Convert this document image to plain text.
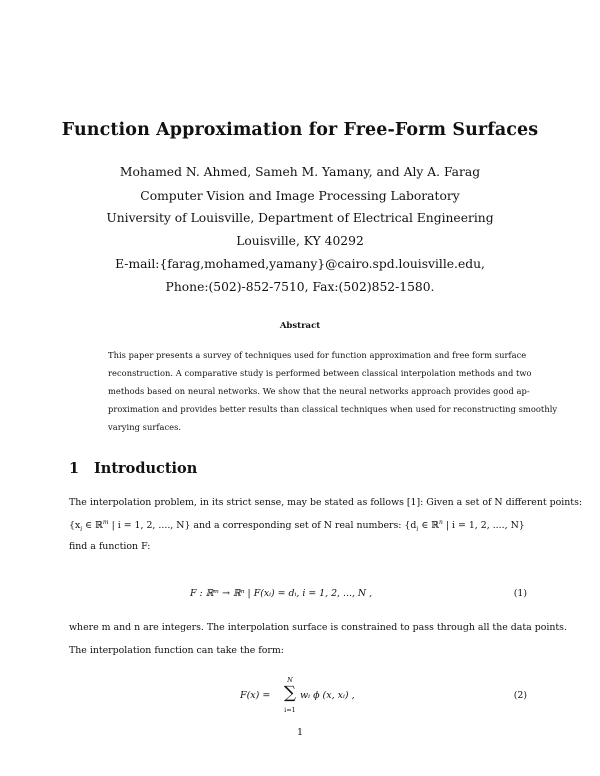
Function Approximation for Free-Form Surfaces
Mohamed N. Ahmed, Sameh M. Yamany, and Aly A. Farag
Computer Vision and Image Processing Laboratory
University of Louisville, Department of Electrical Engineering
Louisville, KY 40292
E-mail:{farag,mohamed,yamany}@cairo.spd.louisville.edu,
Phone:(502)-852-7510, Fax:(502)852-1580.
Abstract
This paper presents a survey of techniques used for function approximation and free form surface
reconstruction. A comparative study is performed between classical interpolation methods and two
methods based on neural networks. We show that the neural networks approach provides good ap-
proximation and provides better results than classical techniques when used for reconstructing smoothly
varying surfaces.
1 Introduction
The interpolation problem, in its strict sense, may be stated as follows [1]: Given a set of N different points:
{$x_i$ ∈ ℝ$^m$ | i = 1, 2, ...., N} and a corresponding set of N real numbers: {$d_i$ ∈ ℝ$^n$ | i = 1, 2, ...., N}
find a function F:
F : ℝᵐ → ℝⁿ | F(xᵢ) = dᵢ, i = 1, 2, ..., N ,	(1)
where m and n are integers. The interpolation surface is constrained to pass through all the data points.
The interpolation function can take the form:
F(x) =
N
∑
i=1
wᵢ ϕ (x, xᵢ) ,	(2)
1
